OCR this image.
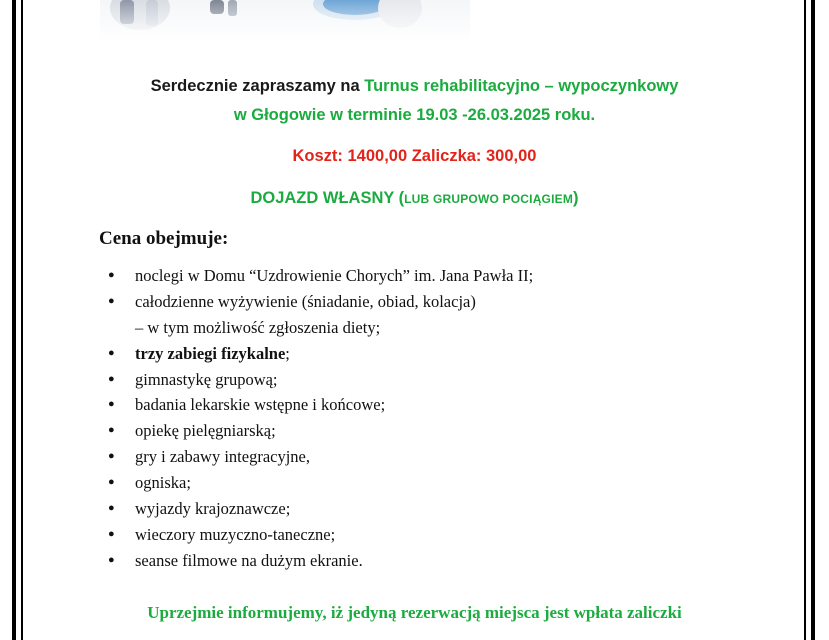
Serdecznie zapraszamy na Turnus rehabilitacyjno – wypoczynkowy
w Głogowie w terminie 19.03 -26.03.2025 roku.
Koszt: 1400,00 Zaliczka: 300,00
DOJAZD WŁASNY (LUB GRUPOWO POCIĄGIEM)
Cena obejmuje:
● noclegi w Domu “Uzdrowienie Chorych” im. Jana Pawła II;
● całodzienne wyżywienie (śniadanie, obiad, kolacja)
– w tym możliwość zgłoszenia diety;
● trzy zabiegi fizykalne;
● gimnastykę grupową;
● badania lekarskie wstępne i końcowe;
● opiekę pielęgniarską;
● gry i zabawy integracyjne,
● ogniska;
● wyjazdy krajoznawcze;
● wieczory muzyczno-taneczne;
● seanse filmowe na dużym ekranie.
Uprzejmie informujemy, iż jedyną rezerwacją miejsca jest wpłata zaliczki
